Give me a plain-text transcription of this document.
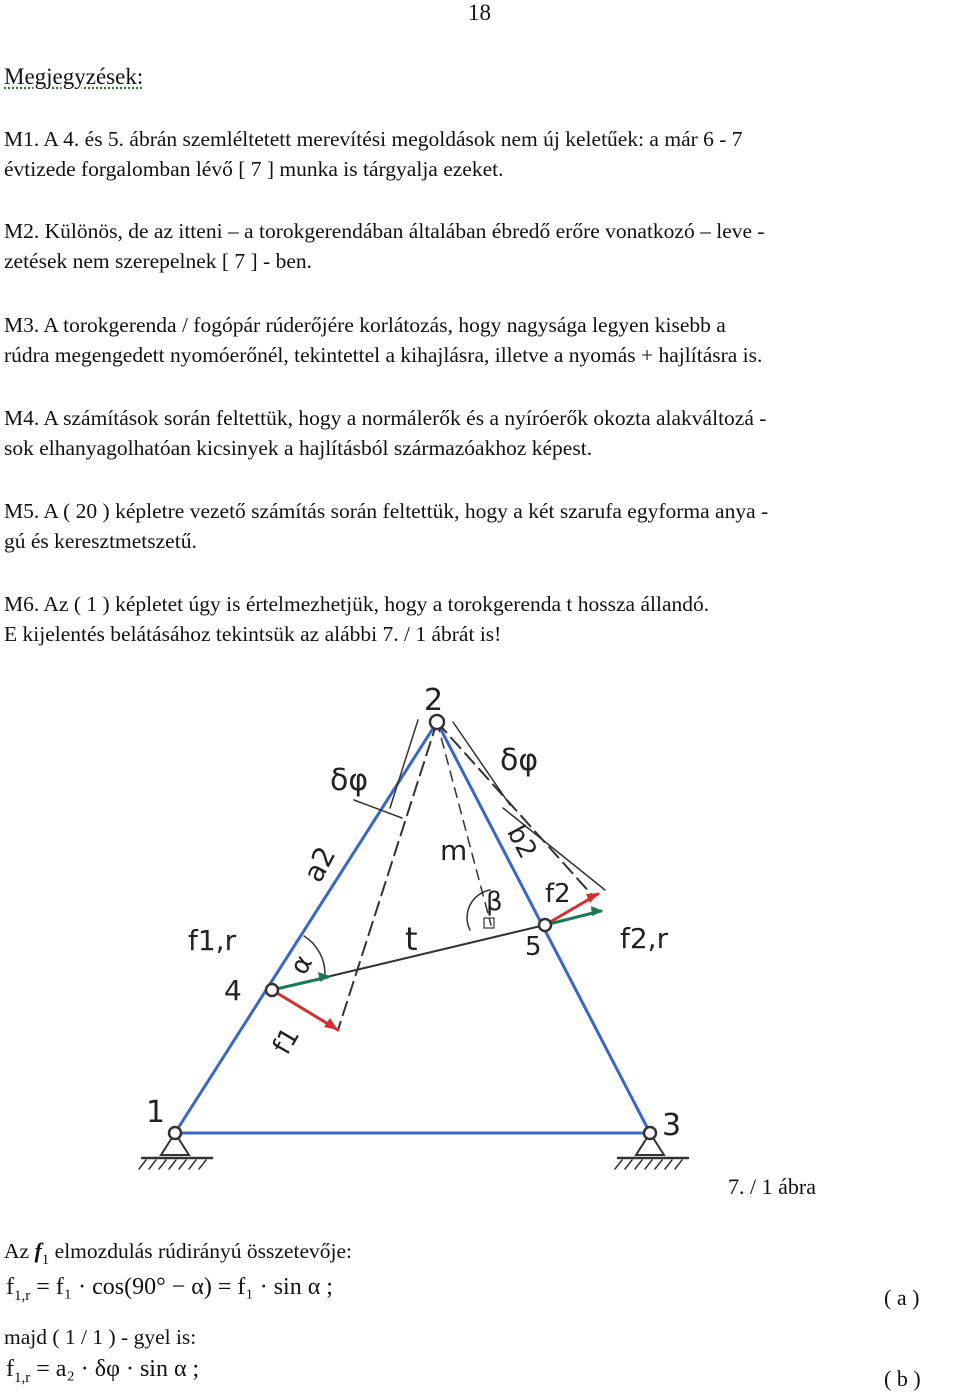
18
Megjegyzések:
M1. A 4. és 5. ábrán szemléltetett merevítési megoldások nem új keletűek: a már 6 - 7
évtizede forgalomban lévő [ 7 ] munka is tárgyalja ezeket.
M2. Különös, de az itteni – a torokgerendában általában ébredő erőre vonatkozó – leve -
zetések nem szerepelnek [ 7 ] - ben.
M3. A torokgerenda / fogópár rúderőjére korlátozás, hogy nagysága legyen kisebb a
rúdra megengedett nyomóerőnél, tekintettel a kihajlásra, illetve a nyomás + hajlításra is.
M4. A számítások során feltettük, hogy a normálerők és a nyíróerők okozta alakváltozá -
sok elhanyagolhatóan kicsinyek a hajlításból származóakhoz képest.
M5. A ( 20 ) képletre vezető számítás során feltettük, hogy a két szarufa egyforma anya -
gú és keresztmetszetű.
M6. Az ( 1 ) képletet úgy is értelmezhetjük, hogy a torokgerenda t hossza állandó.
E kijelentés belátásához tekintsük az alábbi 7. / 1 ábrát is!
1
2
3
4
5
δφ
δφ
a2	b2
m
t
α
β
f1,r
f1
f2
f2,r
7. / 1 ábra
Az $f_1$ elmozdulás rúdirányú összetevője:
$f_{1,r} = f_1 \cdot \cos(90^\circ - \alpha) = f_1 \cdot \sin \alpha$ ;	( a )
majd ( 1 / 1 ) - gyel is:
$f_{1,r} = a_2 \cdot \delta\varphi \cdot \sin \alpha$ ;	( b )
